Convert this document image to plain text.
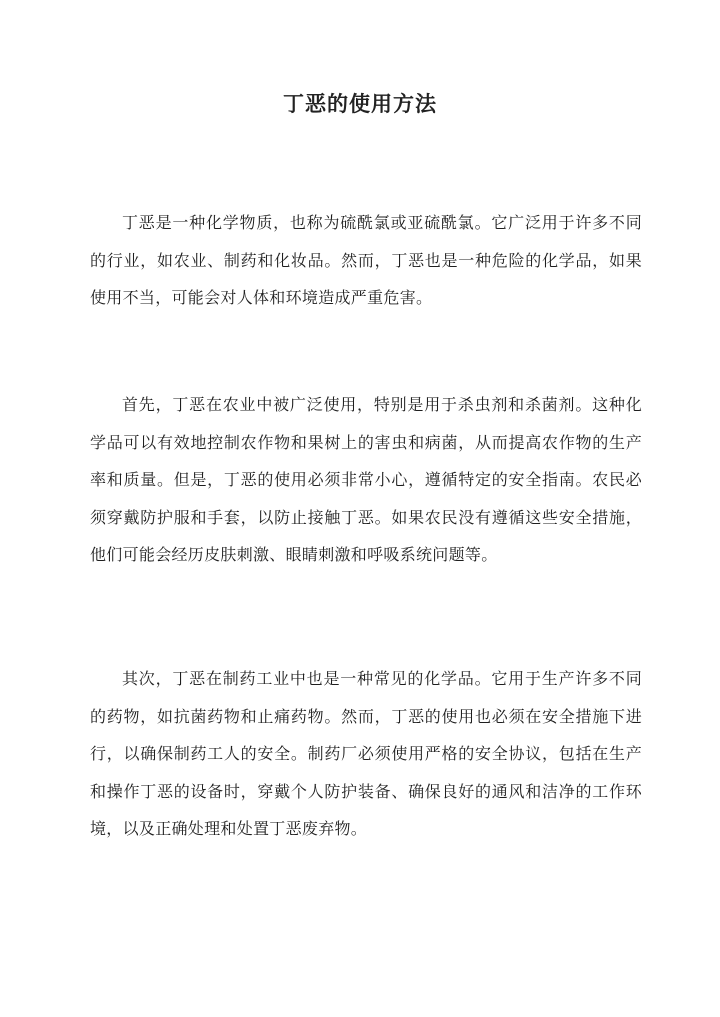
丁恶的使用方法

丁恶是一种化学物质，也称为硫酰氯或亚硫酰氯。它广泛用于许多不同的行业，如农业、制药和化妆品。然而，丁恶也是一种危险的化学品，如果使用不当，可能会对人体和环境造成严重危害。

首先，丁恶在农业中被广泛使用，特别是用于杀虫剂和杀菌剂。这种化学品可以有效地控制农作物和果树上的害虫和病菌，从而提高农作物的生产率和质量。但是，丁恶的使用必须非常小心，遵循特定的安全指南。农民必须穿戴防护服和手套，以防止接触丁恶。如果农民没有遵循这些安全措施，他们可能会经历皮肤刺激、眼睛刺激和呼吸系统问题等。

其次，丁恶在制药工业中也是一种常见的化学品。它用于生产许多不同的药物，如抗菌药物和止痛药物。然而，丁恶的使用也必须在安全措施下进行，以确保制药工人的安全。制药厂必须使用严格的安全协议，包括在生产和操作丁恶的设备时，穿戴个人防护装备、确保良好的通风和洁净的工作环境，以及正确处理和处置丁恶废弃物。
